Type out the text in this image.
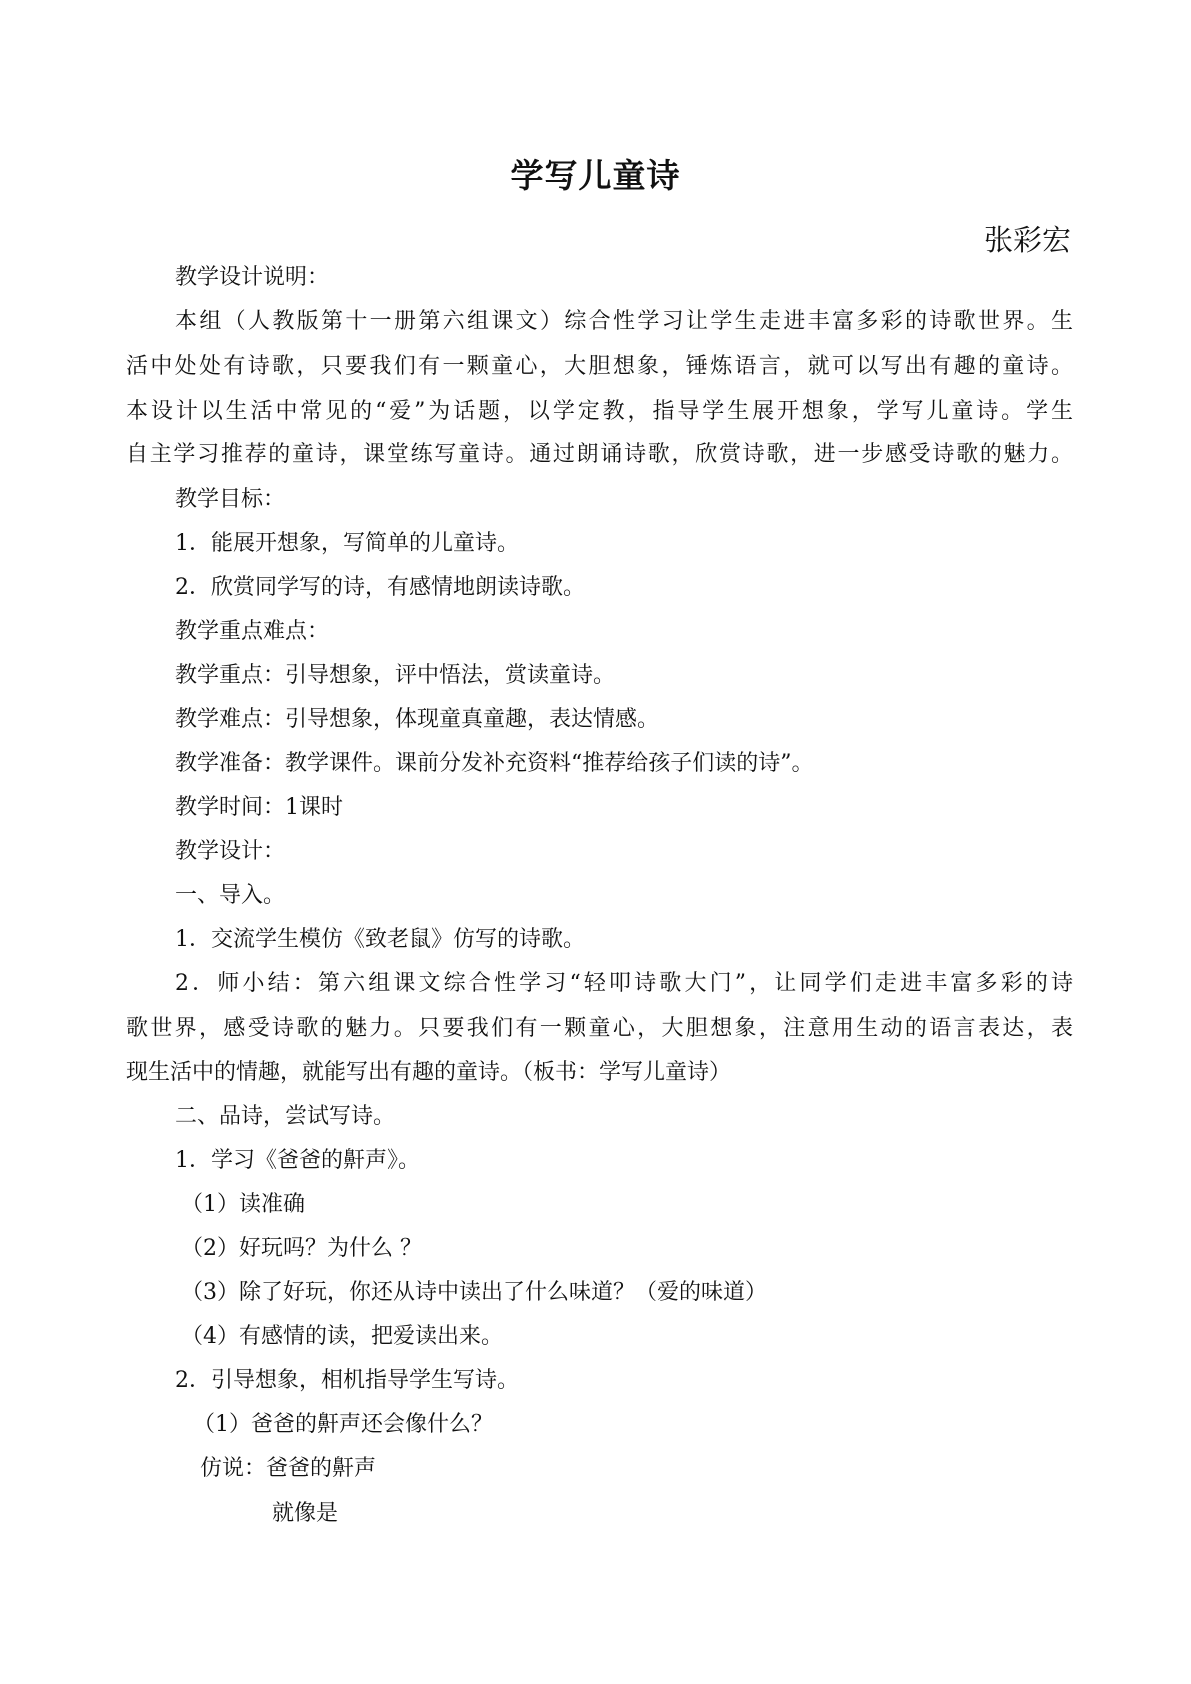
学写儿童诗
张彩宏
教学设计说明：
本组（人教版第十一册第六组课文）综合性学习让学生走进丰富多彩的诗歌世界。生
活中处处有诗歌，只要我们有一颗童心，大胆想象，锤炼语言，就可以写出有趣的童诗。
本设计以生活中常见的“爱”为话题，以学定教，指导学生展开想象，学写儿童诗。学生
自主学习推荐的童诗，课堂练写童诗。通过朗诵诗歌，欣赏诗歌，进一步感受诗歌的魅力。
教学目标：
1．能展开想象，写简单的儿童诗。
2．欣赏同学写的诗，有感情地朗读诗歌。
教学重点难点：
教学重点：引导想象，评中悟法，赏读童诗。
教学难点：引导想象，体现童真童趣，表达情感。
教学准备：教学课件。课前分发补充资料“推荐给孩子们读的诗”。
教学时间：1课时
教学设计：
一、导入。
1．交流学生模仿《致老鼠》仿写的诗歌。
2．师小结：第六组课文综合性学习“轻叩诗歌大门”，让同学们走进丰富多彩的诗
歌世界，感受诗歌的魅力。只要我们有一颗童心，大胆想象，注意用生动的语言表达，表
现生活中的情趣，就能写出有趣的童诗。（板书：学写儿童诗）
二、品诗，尝试写诗。
1．学习《爸爸的鼾声》。
（1）读准确
（2）好玩吗？为什么 ？
（3）除了好玩，你还从诗中读出了什么味道？（爱的味道）
（4）有感情的读，把爱读出来。
2．引导想象，相机指导学生写诗。
（1）爸爸的鼾声还会像什么？
仿说：爸爸的鼾声
就像是
